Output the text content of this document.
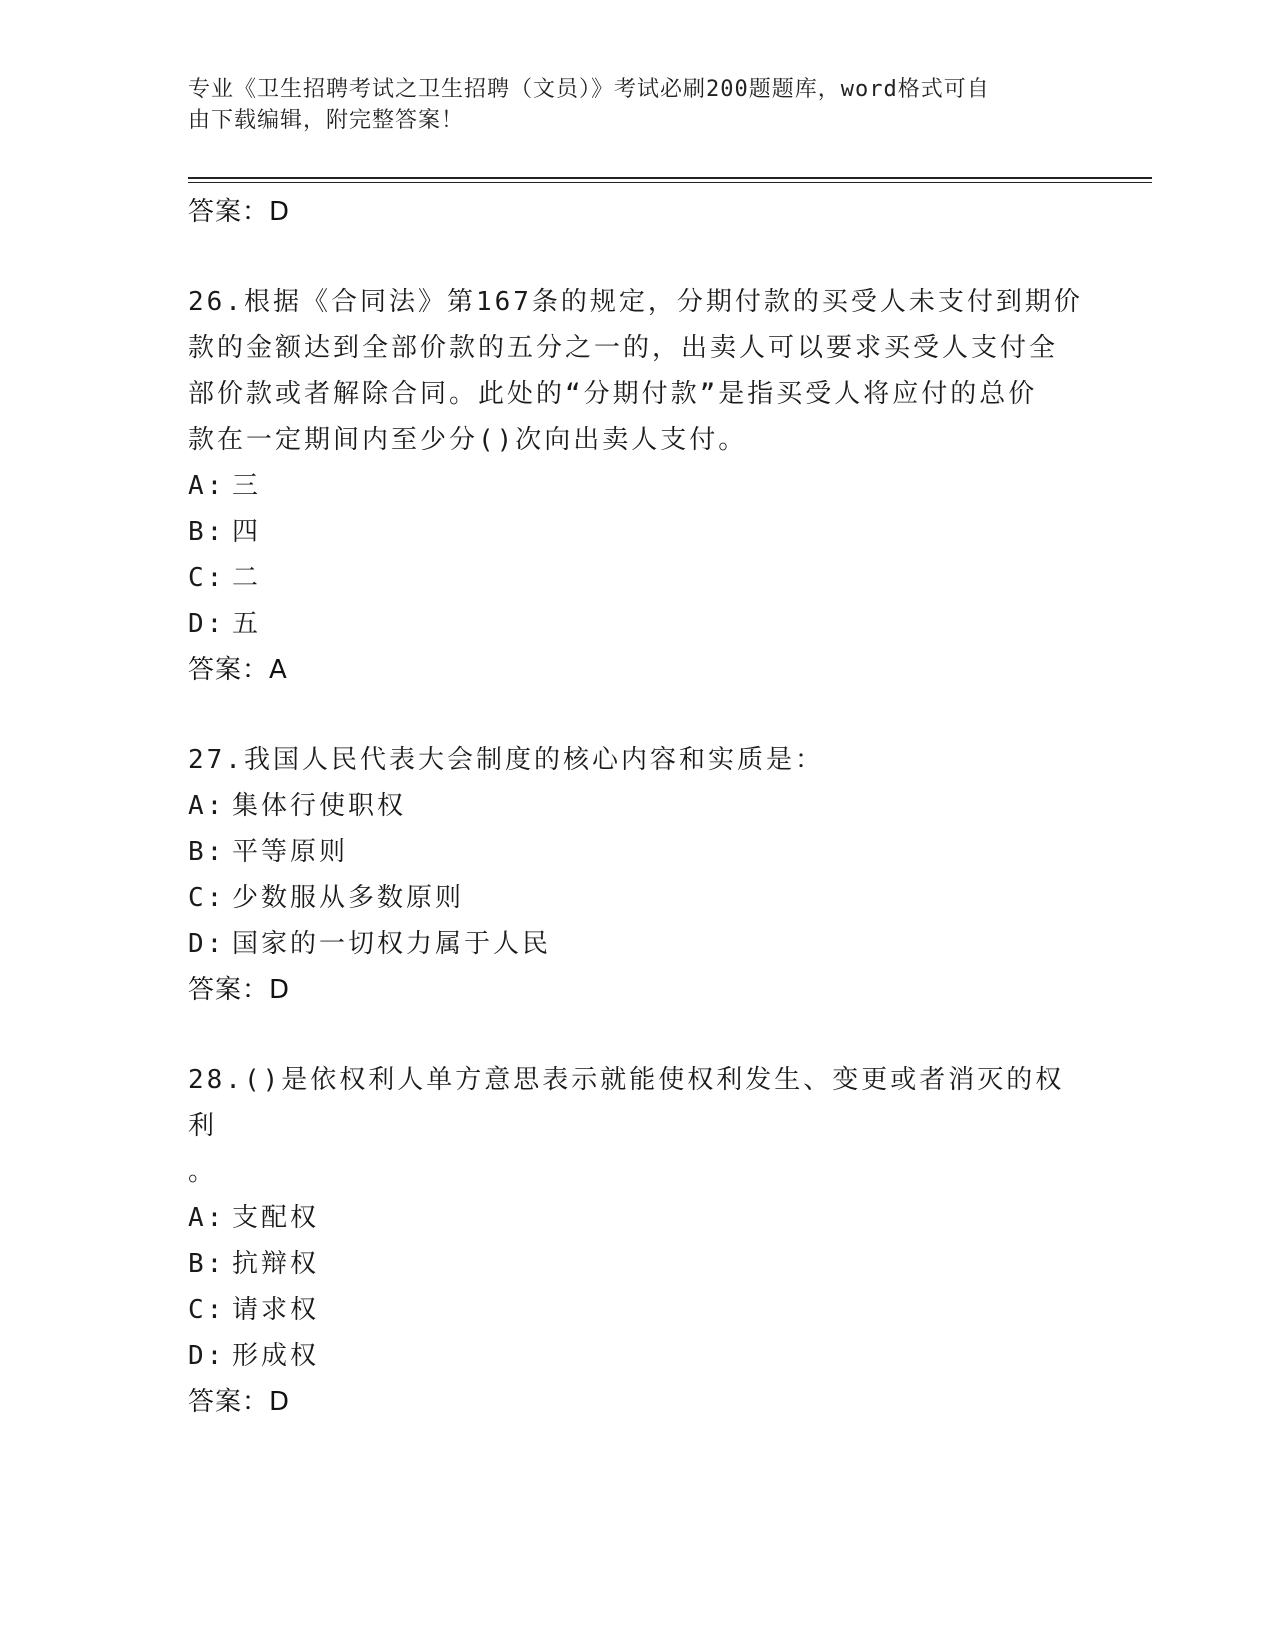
专业《卫生招聘考试之卫生招聘（文员）》考试必刷200题题库，word格式可自
由下载编辑，附完整答案！
答案：D
26.根据《合同法》第167条的规定，分期付款的买受人未支付到期价
款的金额达到全部价款的五分之一的，出卖人可以要求买受人支付全
部价款或者解除合同。此处的“分期付款”是指买受人将应付的总价
款在一定期间内至少分()次向出卖人支付。
A: 三
B: 四
C: 二
D: 五
答案：A
27.我国人民代表大会制度的核心内容和实质是：
A: 集体行使职权
B: 平等原则
C: 少数服从多数原则
D: 国家的一切权力属于人民
答案：D
28.()是依权利人单方意思表示就能使权利发生、变更或者消灭的权利
。
A: 支配权
B: 抗辩权
C: 请求权
D: 形成权
答案：D
